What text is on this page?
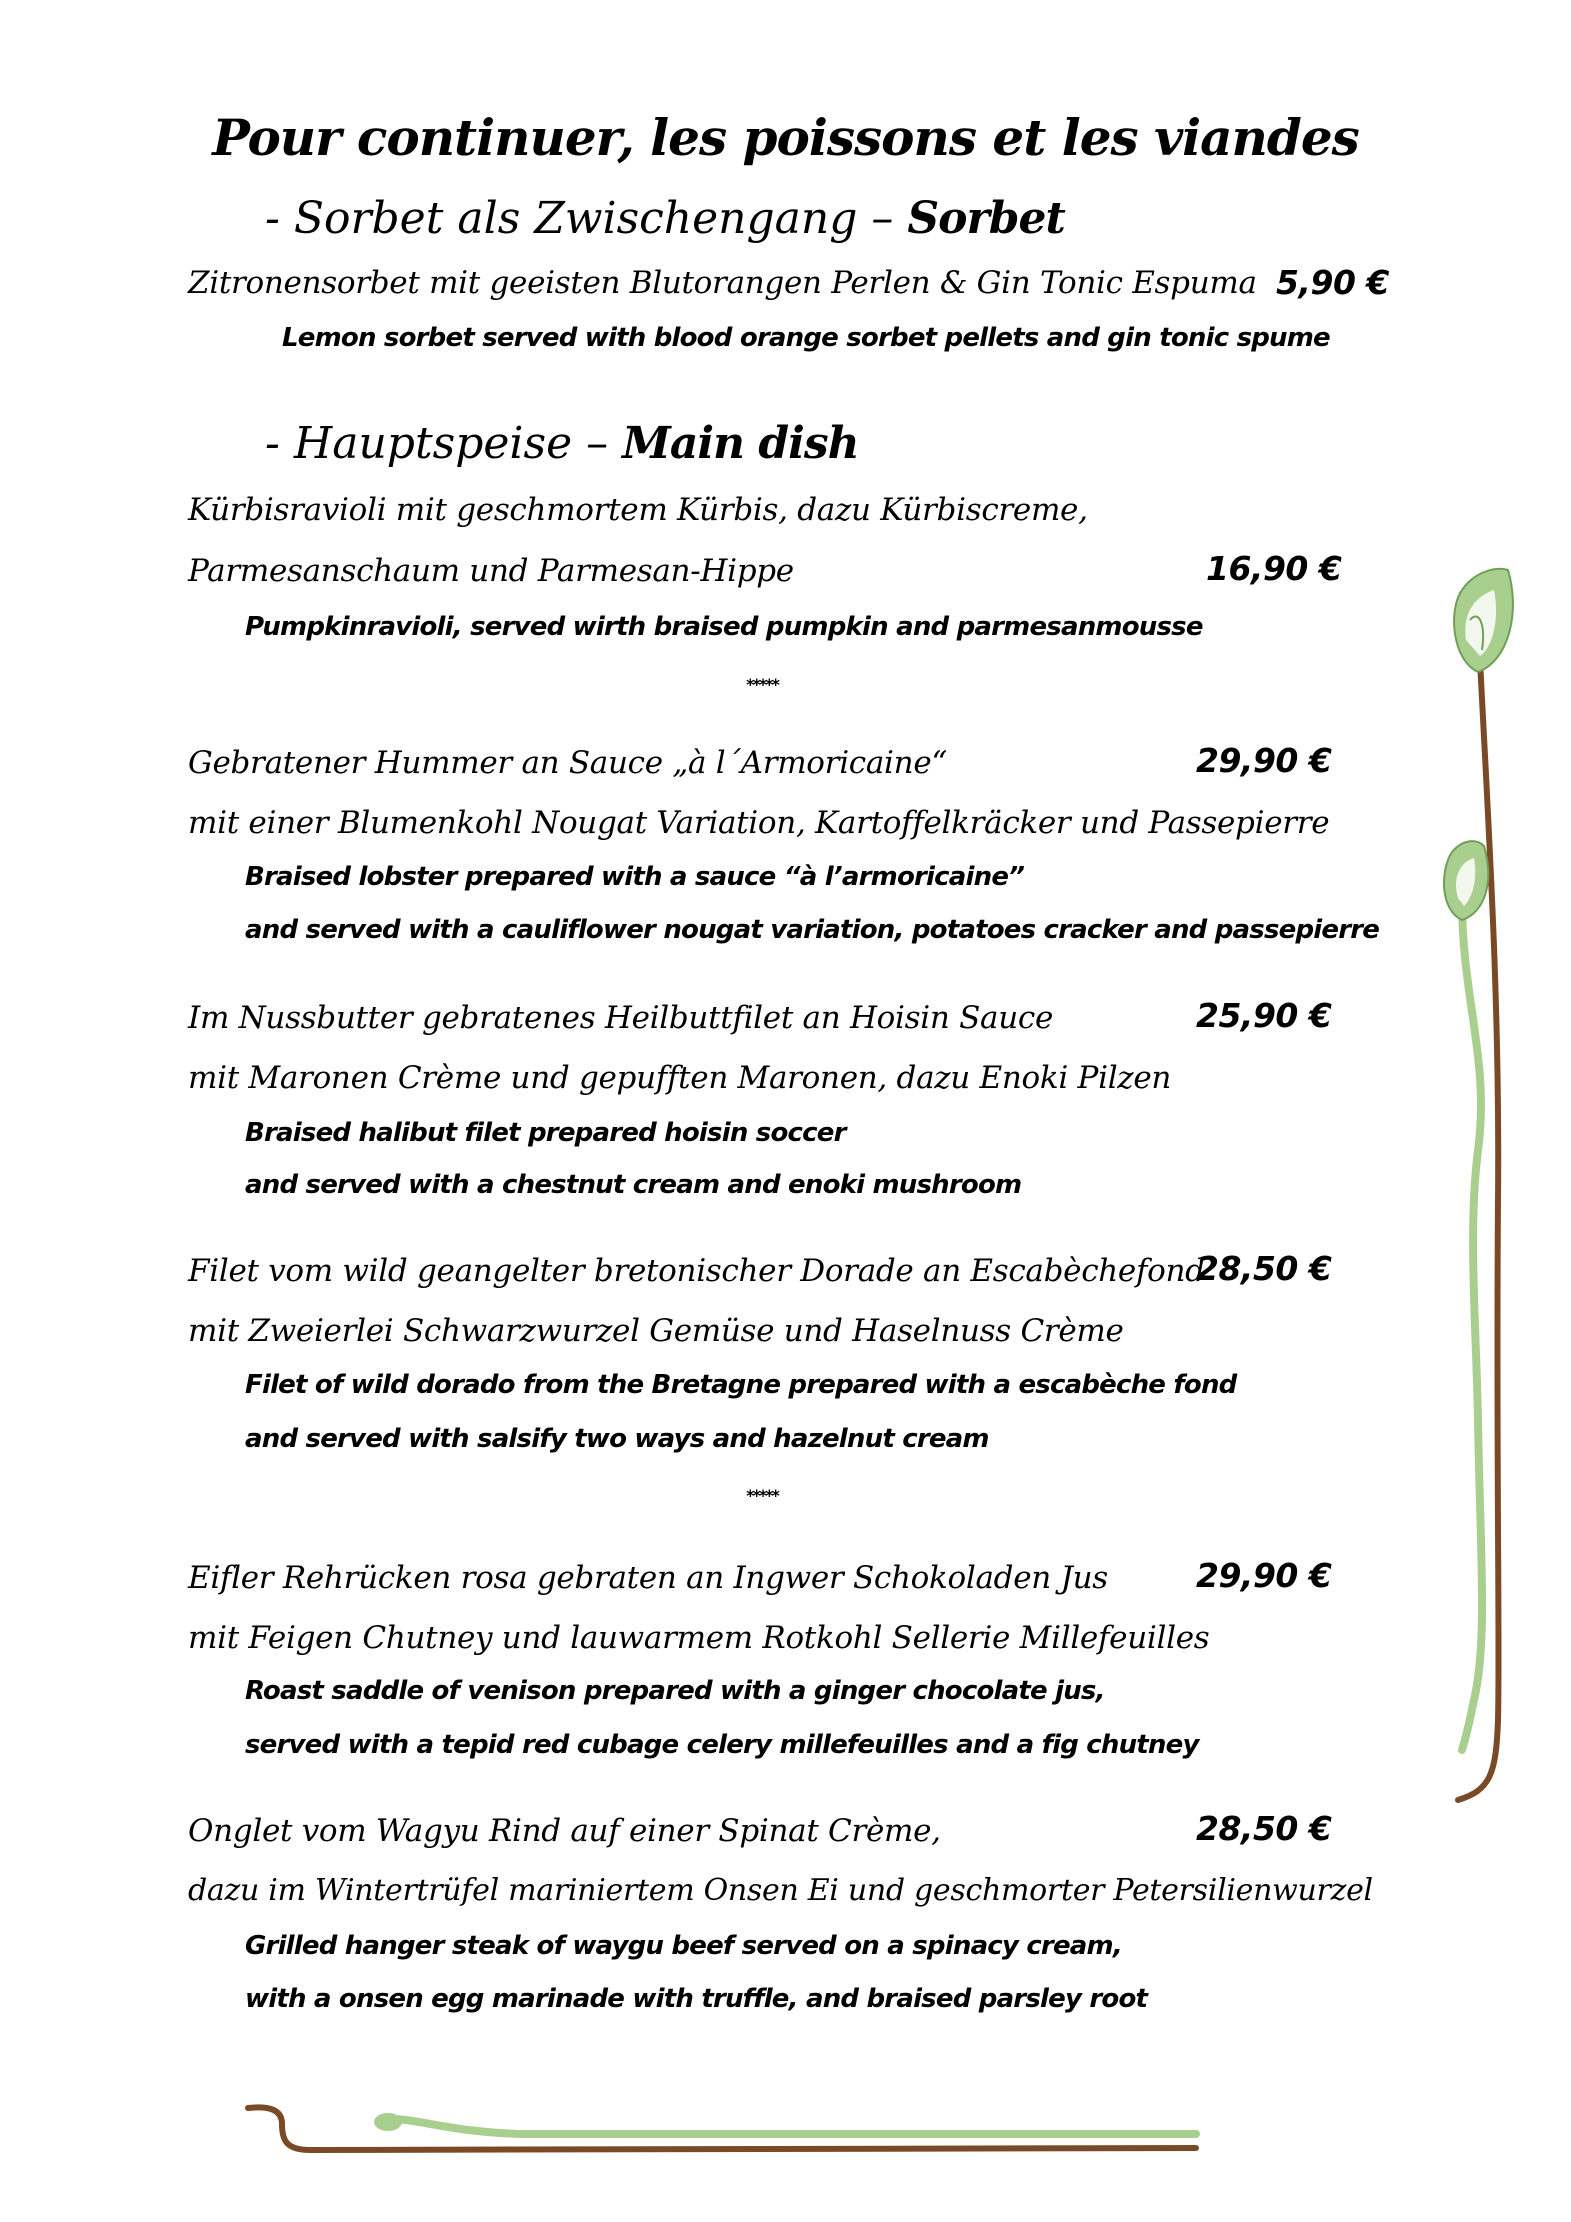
Pour continuer, les poissons et les viandes
- Sorbet als Zwischengang – Sorbet
Zitronensorbet mit geeisten Blutorangen Perlen & Gin Tonic Espuma 5,90 €
Lemon sorbet served with blood orange sorbet pellets and gin tonic spume
- Hauptspeise – Main dish
Kürbisravioli mit geschmortem Kürbis, dazu Kürbiscreme,
Parmesanschaum und Parmesan-Hippe	16,90 €
Pumpkinravioli, served wirth braised pumpkin and parmesanmousse
*****
Gebratener Hummer an Sauce „à l´Armoricaine“	29,90 €
mit einer Blumenkohl Nougat Variation, Kartoffelkräcker und Passepierre
Braised lobster prepared with a sauce “à l’armoricaine”
and served with a cauliflower nougat variation, potatoes cracker and passepierre
Im Nussbutter gebratenes Heilbuttfilet an Hoisin Sauce	25,90 €
mit Maronen Crème und gepufften Maronen, dazu Enoki Pilzen
Braised halibut filet prepared hoisin soccer
and served with a chestnut cream and enoki mushroom
Filet vom wild geangelter bretonischer Dorade an Escabèchefond
28,50 €
mit Zweierlei Schwarzwurzel Gemüse und Haselnuss Crème
Filet of wild dorado from the Bretagne prepared with a escabèche fond
and served with salsify two ways and hazelnut cream
*****
Eifler Rehrücken rosa gebraten an Ingwer Schokoladen Jus	29,90 €
mit Feigen Chutney und lauwarmem Rotkohl Sellerie Millefeuilles
Roast saddle of venison prepared with a ginger chocolate jus,
served with a tepid red cubage celery millefeuilles and a fig chutney
Onglet vom Wagyu Rind auf einer Spinat Crème,	28,50 €
dazu im Wintertrüfel mariniertem Onsen Ei und geschmorter Petersilienwurzel
Grilled hanger steak of waygu beef served on a spinacy cream,
with a onsen egg marinade with truffle, and braised parsley root
